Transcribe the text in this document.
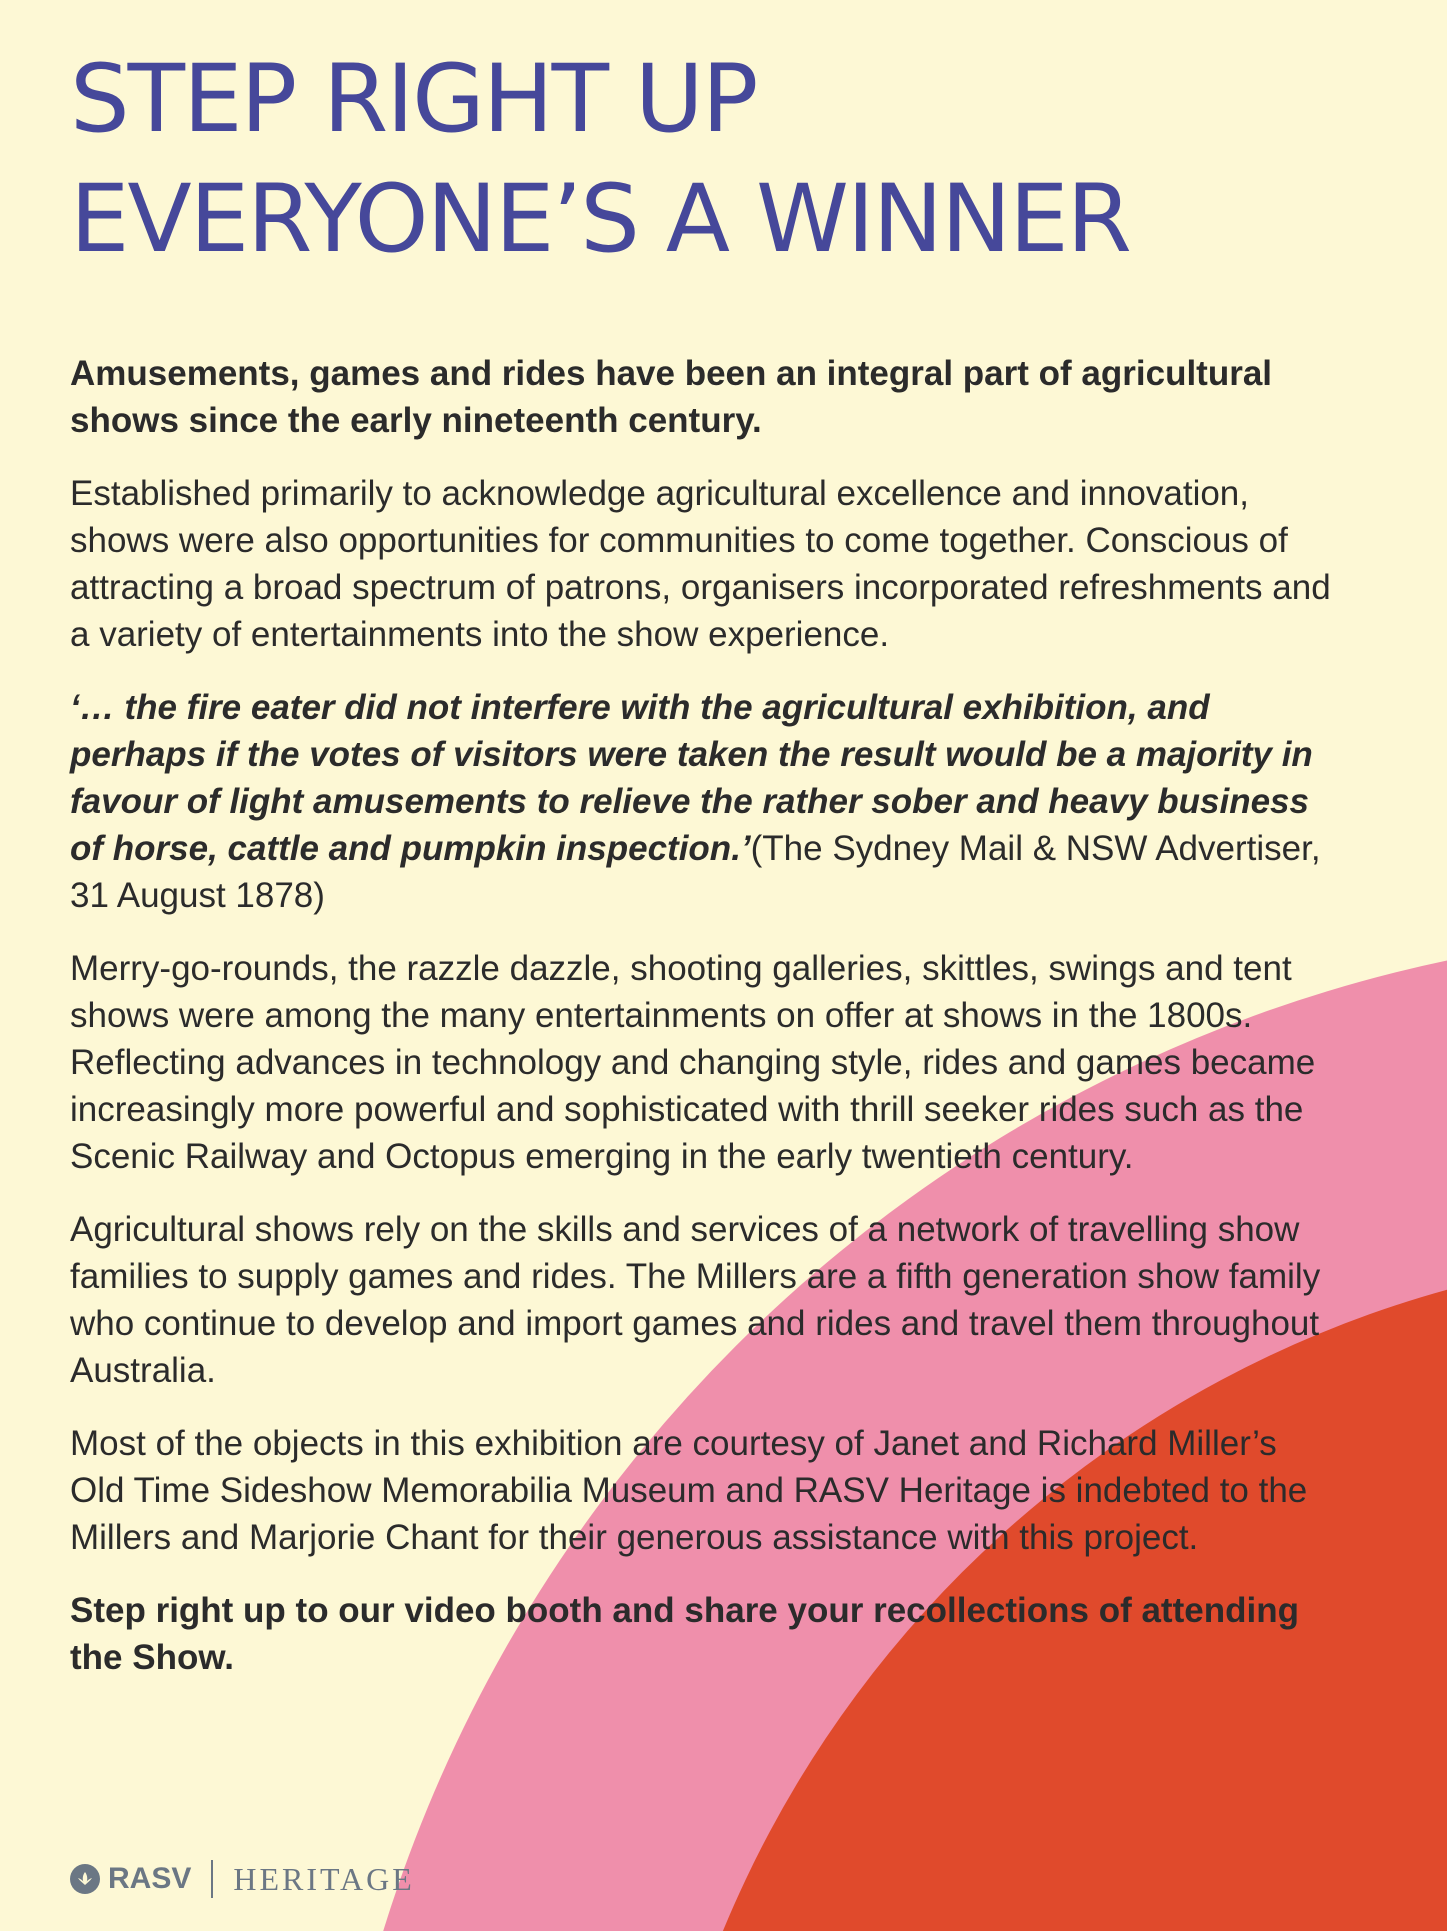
STEP RIGHT UP
EVERYONE’S A WINNER

Amusements, games and rides have been an integral part of agricultural shows since the early nineteenth century.

Established primarily to acknowledge agricultural excellence and innovation, shows were also opportunities for communities to come together. Conscious of attracting a broad spectrum of patrons, organisers incorporated refreshments and a variety of entertainments into the show experience.

‘… the fire eater did not interfere with the agricultural exhibition, and perhaps if the votes of visitors were taken the result would be a majority in favour of light amusements to relieve the rather sober and heavy business of horse, cattle and pumpkin inspection.’(The Sydney Mail & NSW Advertiser, 31 August 1878)

Merry-go-rounds, the razzle dazzle, shooting galleries, skittles, swings and tent shows were among the many entertainments on offer at shows in the 1800s. Reflecting advances in technology and changing style, rides and games became increasingly more powerful and sophisticated with thrill seeker rides such as the Scenic Railway and Octopus emerging in the early twentieth century.

Agricultural shows rely on the skills and services of a network of travelling show families to supply games and rides. The Millers are a fifth generation show family who continue to develop and import games and rides and travel them throughout Australia.

Most of the objects in this exhibition are courtesy of Janet and Richard Miller’s Old Time Sideshow Memorabilia Museum and RASV Heritage is indebted to the Millers and Marjorie Chant for their generous assistance with this project.

Step right up to our video booth and share your recollections of attending the Show.

RASV HERITAGE
